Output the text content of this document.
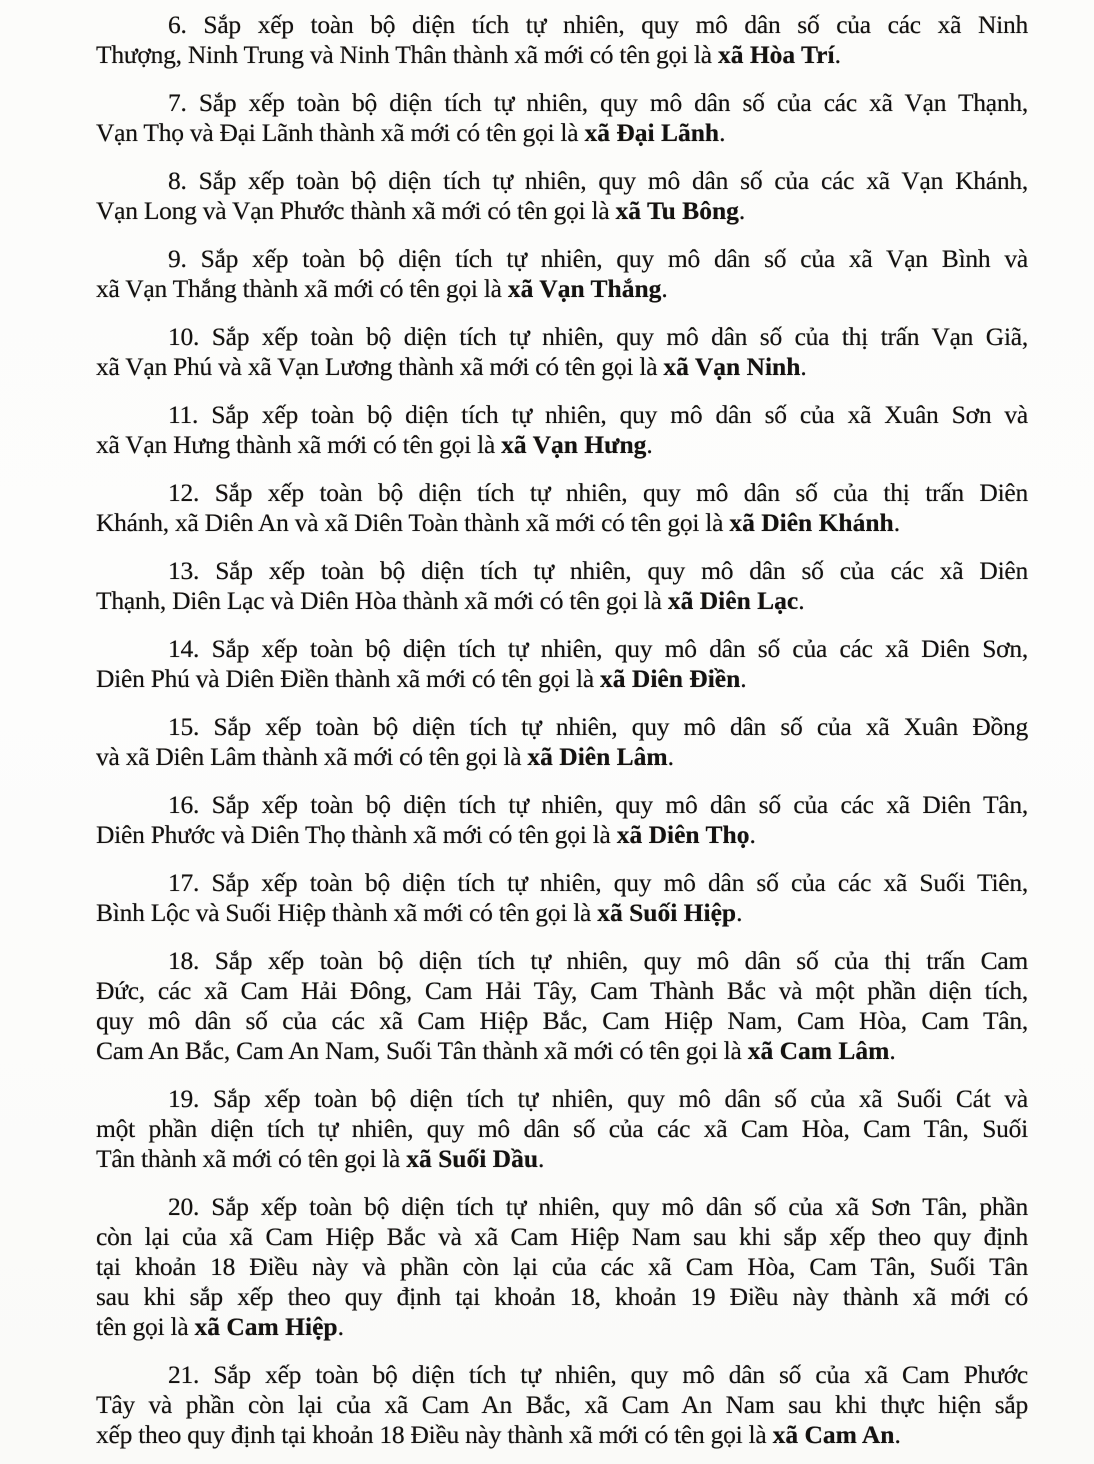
6. Sắp xếp toàn bộ diện tích tự nhiên, quy mô dân số của các xã Ninh
Thượng, Ninh Trung và Ninh Thân thành xã mới có tên gọi là xã Hòa Trí.

7. Sắp xếp toàn bộ diện tích tự nhiên, quy mô dân số của các xã Vạn Thạnh,
Vạn Thọ và Đại Lãnh thành xã mới có tên gọi là xã Đại Lãnh.

8. Sắp xếp toàn bộ diện tích tự nhiên, quy mô dân số của các xã Vạn Khánh,
Vạn Long và Vạn Phước thành xã mới có tên gọi là xã Tu Bông.

9. Sắp xếp toàn bộ diện tích tự nhiên, quy mô dân số của xã Vạn Bình và
xã Vạn Thắng thành xã mới có tên gọi là xã Vạn Thắng.

10. Sắp xếp toàn bộ diện tích tự nhiên, quy mô dân số của thị trấn Vạn Giã,
xã Vạn Phú và xã Vạn Lương thành xã mới có tên gọi là xã Vạn Ninh.

11. Sắp xếp toàn bộ diện tích tự nhiên, quy mô dân số của xã Xuân Sơn và
xã Vạn Hưng thành xã mới có tên gọi là xã Vạn Hưng.

12. Sắp xếp toàn bộ diện tích tự nhiên, quy mô dân số của thị trấn Diên
Khánh, xã Diên An và xã Diên Toàn thành xã mới có tên gọi là xã Diên Khánh.

13. Sắp xếp toàn bộ diện tích tự nhiên, quy mô dân số của các xã Diên
Thạnh, Diên Lạc và Diên Hòa thành xã mới có tên gọi là xã Diên Lạc.

14. Sắp xếp toàn bộ diện tích tự nhiên, quy mô dân số của các xã Diên Sơn,
Diên Phú và Diên Điền thành xã mới có tên gọi là xã Diên Điền.

15. Sắp xếp toàn bộ diện tích tự nhiên, quy mô dân số của xã Xuân Đồng
và xã Diên Lâm thành xã mới có tên gọi là xã Diên Lâm.

16. Sắp xếp toàn bộ diện tích tự nhiên, quy mô dân số của các xã Diên Tân,
Diên Phước và Diên Thọ thành xã mới có tên gọi là xã Diên Thọ.

17. Sắp xếp toàn bộ diện tích tự nhiên, quy mô dân số của các xã Suối Tiên,
Bình Lộc và Suối Hiệp thành xã mới có tên gọi là xã Suối Hiệp.

18. Sắp xếp toàn bộ diện tích tự nhiên, quy mô dân số của thị trấn Cam
Đức, các xã Cam Hải Đông, Cam Hải Tây, Cam Thành Bắc và một phần diện tích,
quy mô dân số của các xã Cam Hiệp Bắc, Cam Hiệp Nam, Cam Hòa, Cam Tân,
Cam An Bắc, Cam An Nam, Suối Tân thành xã mới có tên gọi là xã Cam Lâm.

19. Sắp xếp toàn bộ diện tích tự nhiên, quy mô dân số của xã Suối Cát và
một phần diện tích tự nhiên, quy mô dân số của các xã Cam Hòa, Cam Tân, Suối
Tân thành xã mới có tên gọi là xã Suối Dầu.

20. Sắp xếp toàn bộ diện tích tự nhiên, quy mô dân số của xã Sơn Tân, phần
còn lại của xã Cam Hiệp Bắc và xã Cam Hiệp Nam sau khi sắp xếp theo quy định
tại khoản 18 Điều này và phần còn lại của các xã Cam Hòa, Cam Tân, Suối Tân
sau khi sắp xếp theo quy định tại khoản 18, khoản 19 Điều này thành xã mới có
tên gọi là xã Cam Hiệp.

21. Sắp xếp toàn bộ diện tích tự nhiên, quy mô dân số của xã Cam Phước
Tây và phần còn lại của xã Cam An Bắc, xã Cam An Nam sau khi thực hiện sắp
xếp theo quy định tại khoản 18 Điều này thành xã mới có tên gọi là xã Cam An.
